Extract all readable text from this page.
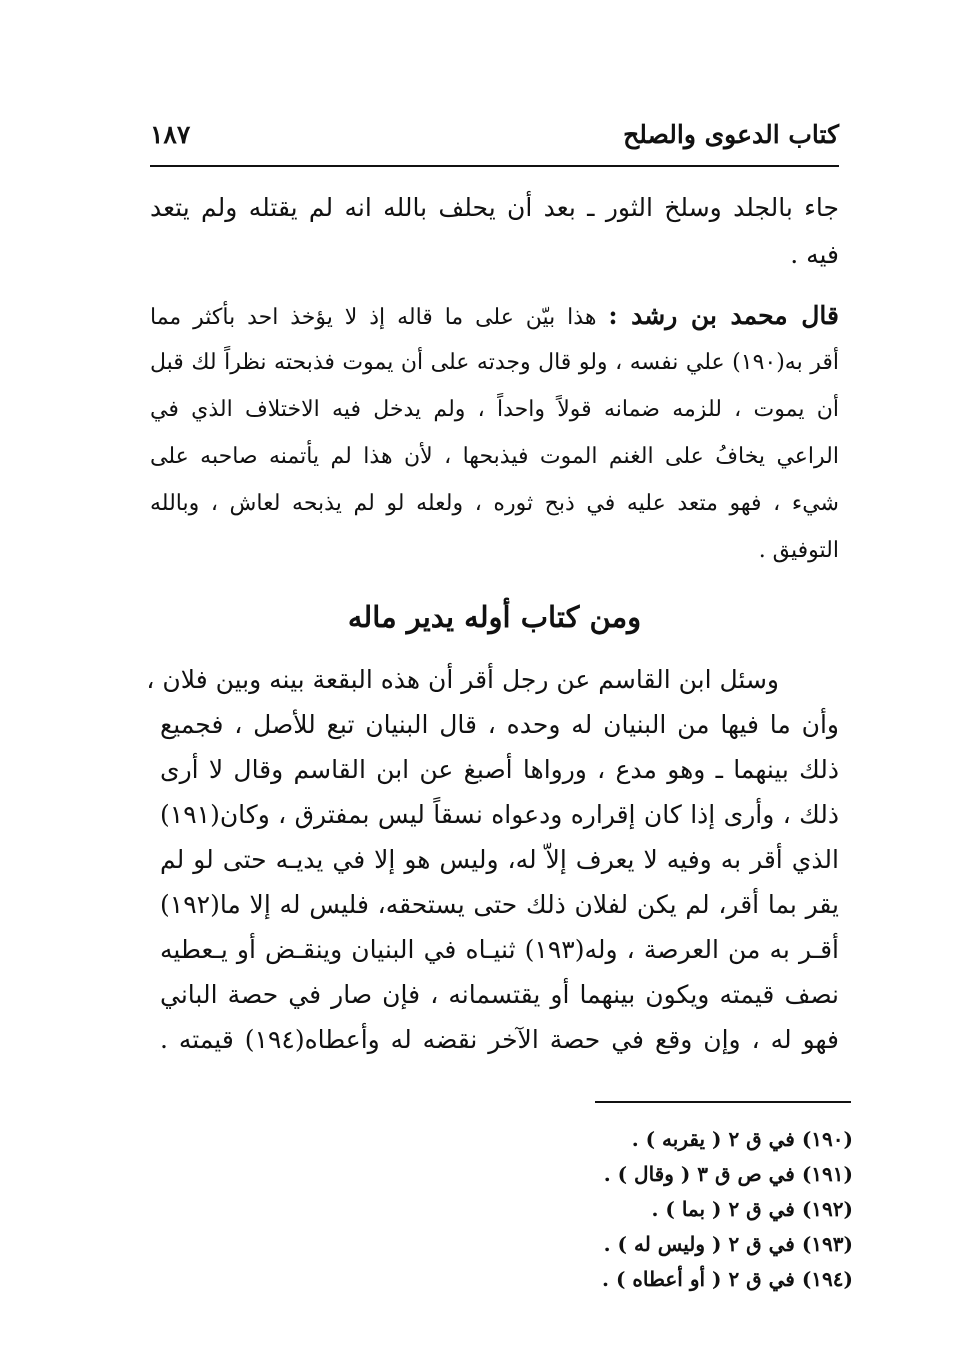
كتاب الدعوى والصلح
١٨٧
جاء بالجلد وسلخ الثور ـ بعد أن يحلف بالله انه لم يقتله ولم يتعد
فيه .
قال محمد بن رشد : هذا بيّن على ما قاله إذ لا يؤخذ احد بأكثر مما
أقر به(١٩٠) علي نفسه ، ولو قال وجدته على أن يموت فذبحته نظراً لك قبل
أن يموت ، للزمه ضمانه قولاً واحداً ، ولم يدخل فيه الاختلاف الذي في
الراعي يخافُ على الغنم الموت فيذبحها ، لأن هذا لم يأتمنه صاحبه على
شيء ، فهو متعد عليه في ذبح ثوره ، ولعله لو لم يذبحه لعاش ، وبالله
التوفيق .
ومن كتاب أوله يدير ماله
وسئل ابن القاسم عن رجل أقر أن هذه البقعة بينه وبين فلان ،
وأن ما فيها من البنيان له وحده ، قال البنيان تبع للأصل ، فجميع
ذلك بينهما ـ وهو مدع ، ورواها أصبغ عن ابن القاسم وقال لا أرى
ذلك ، وأرى إذا كان إقراره ودعواه نسقاً ليس بمفترق ، وكان(١٩١)
الذي أقر به وفيه لا يعرف إلاّ له، وليس هو إلا في يديـه حتى لو لم
يقر بما أقر، لم يكن لفلان ذلك حتى يستحقه، فليس له إلا ما(١٩٢)
أقـر به من العرصة ، وله(١٩٣) ثنيـاه في البنيان وينقـض أو يـعطيه
نصف قيمته ويكون بينهما أو يقتسمانه ، فإن صار في حصة الباني
فهو له ، وإن وقع في حصة الآخر نقضه له وأعطاه(١٩٤) قيمته .
(١٩٠) في ق ٢ ( يقربه ) .
(١٩١) في ص ق ٣ ( وقال ) .
(١٩٢) في ق ٢ ( بما ) .
(١٩٣) في ق ٢ ( وليس له ) .
(١٩٤) في ق ٢ ( أو أعطاه ) .
